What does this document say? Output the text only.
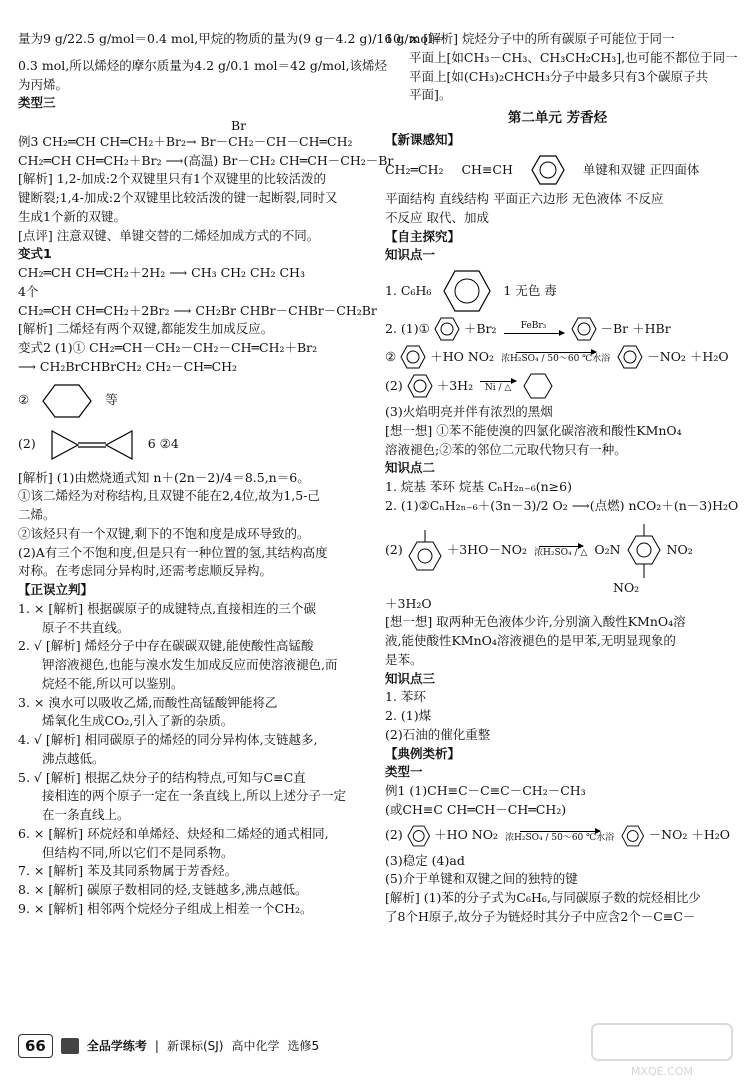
量为9 g/22.5 g/mol＝0.4 mol,甲烷的物质的量为(9 g－4.2 g)/16 g/mol＝

0.3 mol,所以烯烃的摩尔质量为4.2 g/0.1 mol＝42 g/mol,该烯烃

为丙烯。

类型三

Br

例3 CH₂═CH CH═CH₂＋Br₂→ Br－CH₂－CH－CH═CH₂

CH₂═CH CH═CH₂＋Br₂ ⟶(高温) Br－CH₂ CH═CH－CH₂－Br

[解析] 1,2-加成:2个双键里只有1个双键里的比较活泼的

键断裂;1,4-加成:2个双键里比较活泼的键一起断裂,同时又

生成1个新的双键。

[点评] 注意双键、单键交替的二烯烃加成方式的不同。

变式1

CH₂═CH CH═CH₂＋2H₂ ⟶ CH₃ CH₂ CH₂ CH₃

4个

CH₂═CH CH═CH₂＋2Br₂ ⟶ CH₂Br CHBr－CHBr－CH₂Br

[解析] 二烯烃有两个双键,都能发生加成反应。

变式2 (1)① CH₂═CH－CH₂－CH₂－CH═CH₂＋Br₂

⟶ CH₂BrCHBrCH₂ CH₂－CH═CH₂

②	等
(2)	6 ②4

[解析] (1)由燃烧通式知 n＋(2n－2)/4＝8.5,n＝6。

①该二烯烃为对称结构,且双键不能在2,4位,故为1,5-己

二烯。

②该烃只有一个双键,剩下的不饱和度是成环导致的。

(2)A有三个不饱和度,但是只有一种位置的氢,其结构高度

对称。在考虑同分异构时,还需考虑顺反异构。

【正误立判】

1. × [解析] 根据碳原子的成键特点,直接相连的三个碳

原子不共直线。

2. √ [解析] 烯烃分子中存在碳碳双键,能使酸性高锰酸

钾溶液褪色,也能与溴水发生加成反应而使溶液褪色,而

烷烃不能,所以可以鉴别。

3. × 溴水可以吸收乙烯,而酸性高锰酸钾能将乙

烯氧化生成CO₂,引入了新的杂质。

4. √ [解析] 相同碳原子的烯烃的同分异构体,支链越多,

沸点越低。

5. √ [解析] 根据乙炔分子的结构特点,可知与C≡C直

接相连的两个原子一定在一条直线上,所以上述分子一定

在一条直线上。

6. × [解析] 环烷烃和单烯烃、炔烃和二烯烃的通式相同,

但结构不同,所以它们不是同系物。

7. × [解析] 苯及其同系物属于芳香烃。

8. × [解析] 碳原子数相同的烃,支链越多,沸点越低。

9. × [解析] 相邻两个烷烃分子组成上相差一个CH₂。

10. × [解析] 烷烃分子中的所有碳原子可能位于同一

平面上[如CH₃－CH₃、CH₃CH₂CH₃],也可能不都位于同一

平面上[如(CH₃)₂CHCH₃分子中最多只有3个碳原子共

平面]。

第二单元 芳香烃

【新课感知】

CH₂═CH₂ CH≡CH	单键和双键 正四面体

平面结构 直线结构 平面正六边形 无色液体 不反应

不反应 取代、加成

【自主探究】

知识点一

1. C₆H₆	1 无色 毒
2. (1)①	＋Br₂	FeBr₃	－Br ＋HBr
②	＋HO NO₂ 浓H₂SO₄ / 50～60 ℃水浴	－NO₂ ＋H₂O
(2)	＋3H₂ Ni / △

(3)火焰明亮并伴有浓烈的黑烟

[想一想] ①苯不能使溴的四氯化碳溶液和酸性KMnO₄

溶液褪色;②苯的邻位二元取代物只有一种。

知识点二

1. 烷基 苯环 烷基 CₙH₂ₙ₋₆(n≥6)

2. (1)②CₙH₂ₙ₋₆＋(3n－3)/2 O₂ ⟶(点燃) nCO₂＋(n－3)H₂O

(2)	＋3HO－NO₂ 浓H₂SO₄ / △ O₂N	NO₂

NO₂

＋3H₂O

[想一想] 取两种无色液体少许,分别滴入酸性KMnO₄溶

液,能使酸性KMnO₄溶液褪色的是甲苯,无明显现象的

是苯。

知识点三

1. 苯环

2. (1)煤

(2)石油的催化重整

【典例类析】

类型一

例1 (1)CH≡C－C≡C－CH₂－CH₃

(或CH≡C CH═CH－CH═CH₂)

(2)	＋HO NO₂ 浓H₂SO₄ / 50～60 ℃水浴	－NO₂ ＋H₂O

(3)稳定 (4)ad

(5)介于单键和双键之间的独特的键

[解析] (1)苯的分子式为C₆H₆,与同碳原子数的烷烃相比少

了8个H原子,故分子为链烃时其分子中应含2个－C≡C－

66	全品学练考 | 新课标(SJ) 高中化学 选修5
MXQE.COM
